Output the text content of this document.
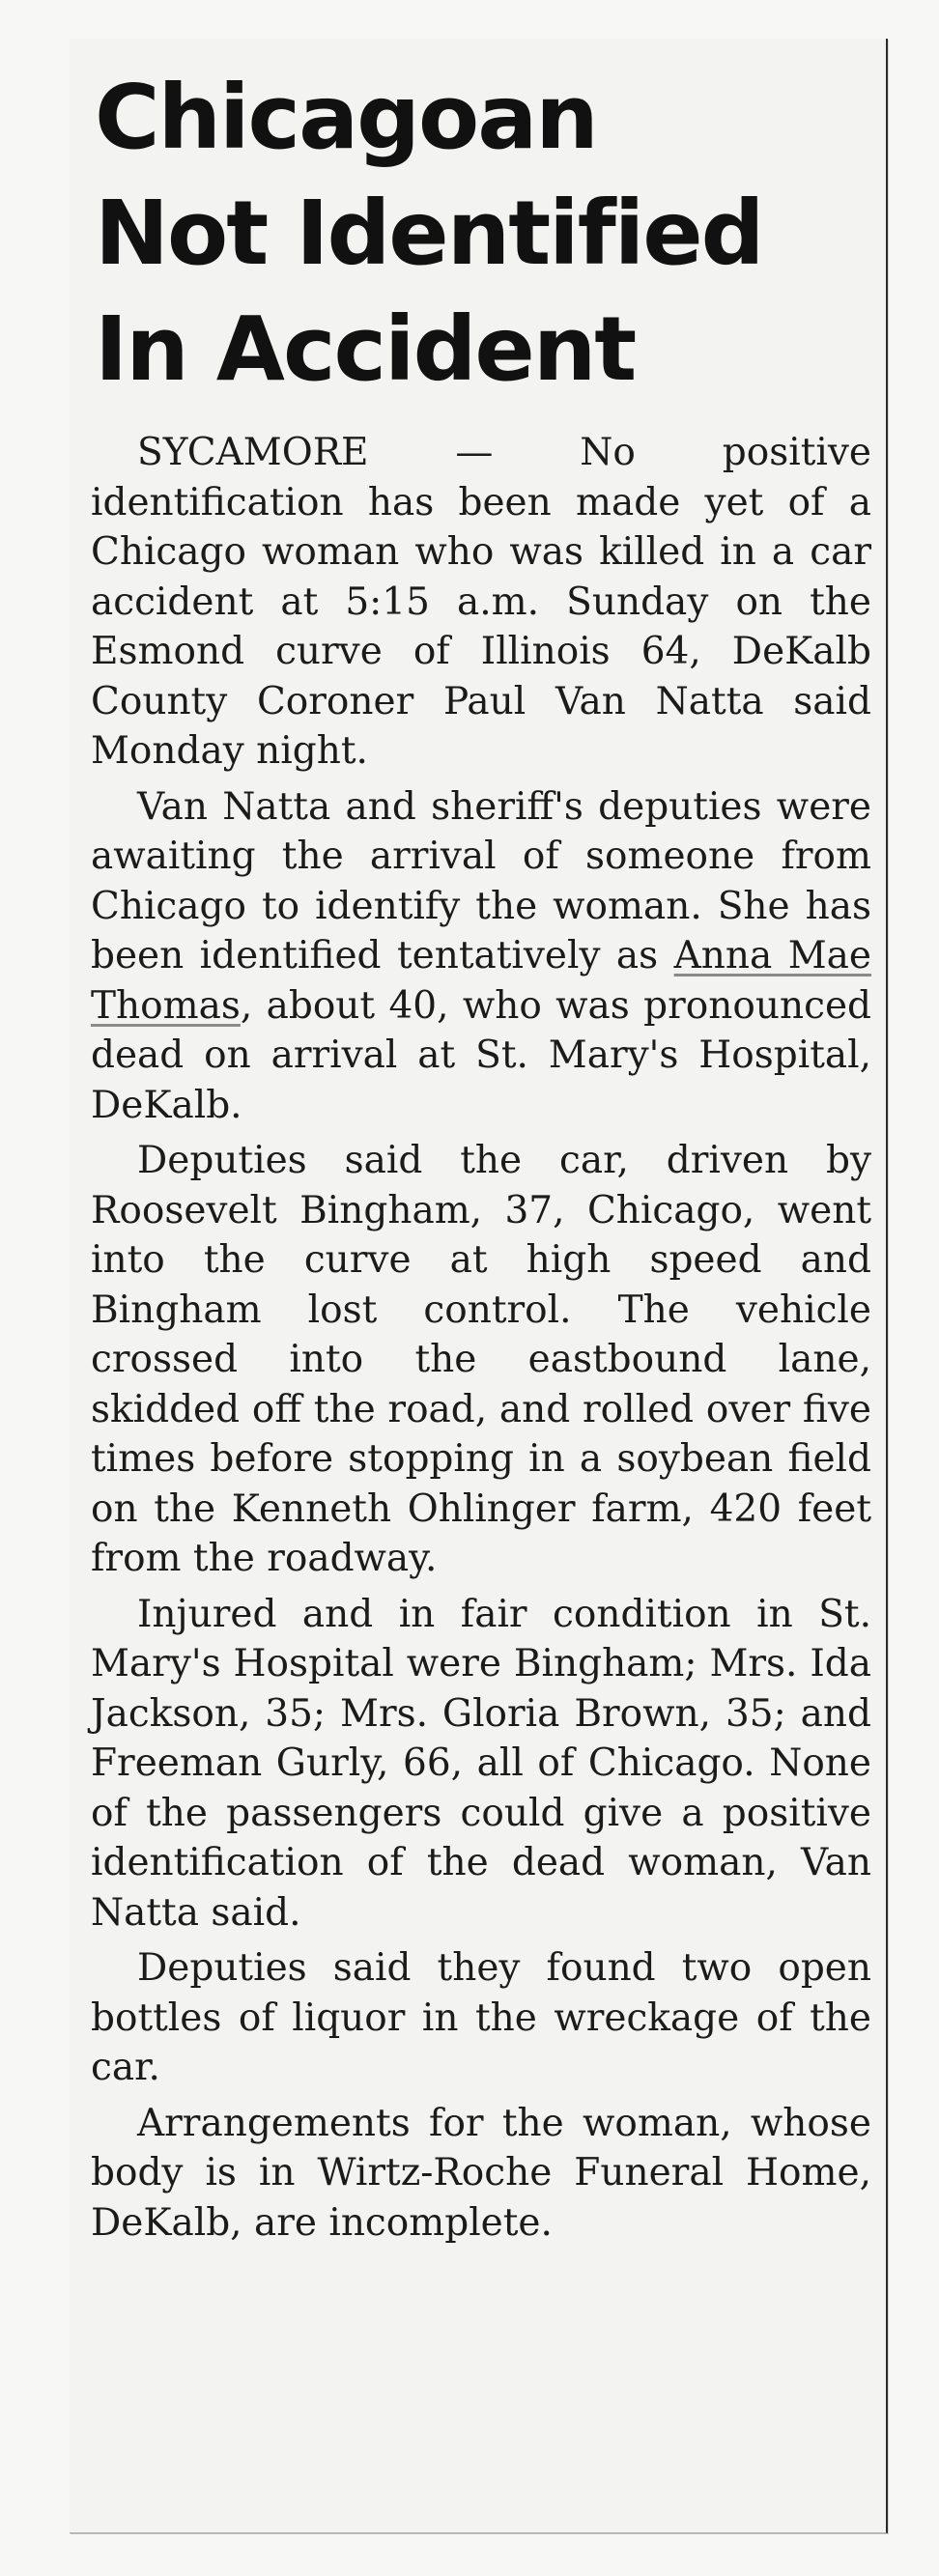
Chicagoan
Not Identified
In Accident

SYCAMORE — No positive identification has been made yet of a Chicago woman who was killed in a car accident at 5:15 a.m. Sunday on the Esmond curve of Illinois 64, DeKalb County Coroner Paul Van Natta said Monday night.

Van Natta and sheriff's deputies were awaiting the arrival of someone from Chicago to identify the woman. She has been identified tentatively as Anna Mae Thomas, about 40, who was pronounced dead on arrival at St. Mary's Hospital, DeKalb.

Deputies said the car, driven by Roosevelt Bingham, 37, Chicago, went into the curve at high speed and Bingham lost control. The vehicle crossed into the eastbound lane, skidded off the road, and rolled over five times before stopping in a soybean field on the Kenneth Ohlinger farm, 420 feet from the roadway.

Injured and in fair condition in St. Mary's Hospital were Bingham; Mrs. Ida Jackson, 35; Mrs. Gloria Brown, 35; and Freeman Gurly, 66, all of Chicago. None of the passengers could give a positive identification of the dead woman, Van Natta said.

Deputies said they found two open bottles of liquor in the wreckage of the car.

Arrangements for the woman, whose body is in Wirtz-Roche Funeral Home, DeKalb, are incomplete.
